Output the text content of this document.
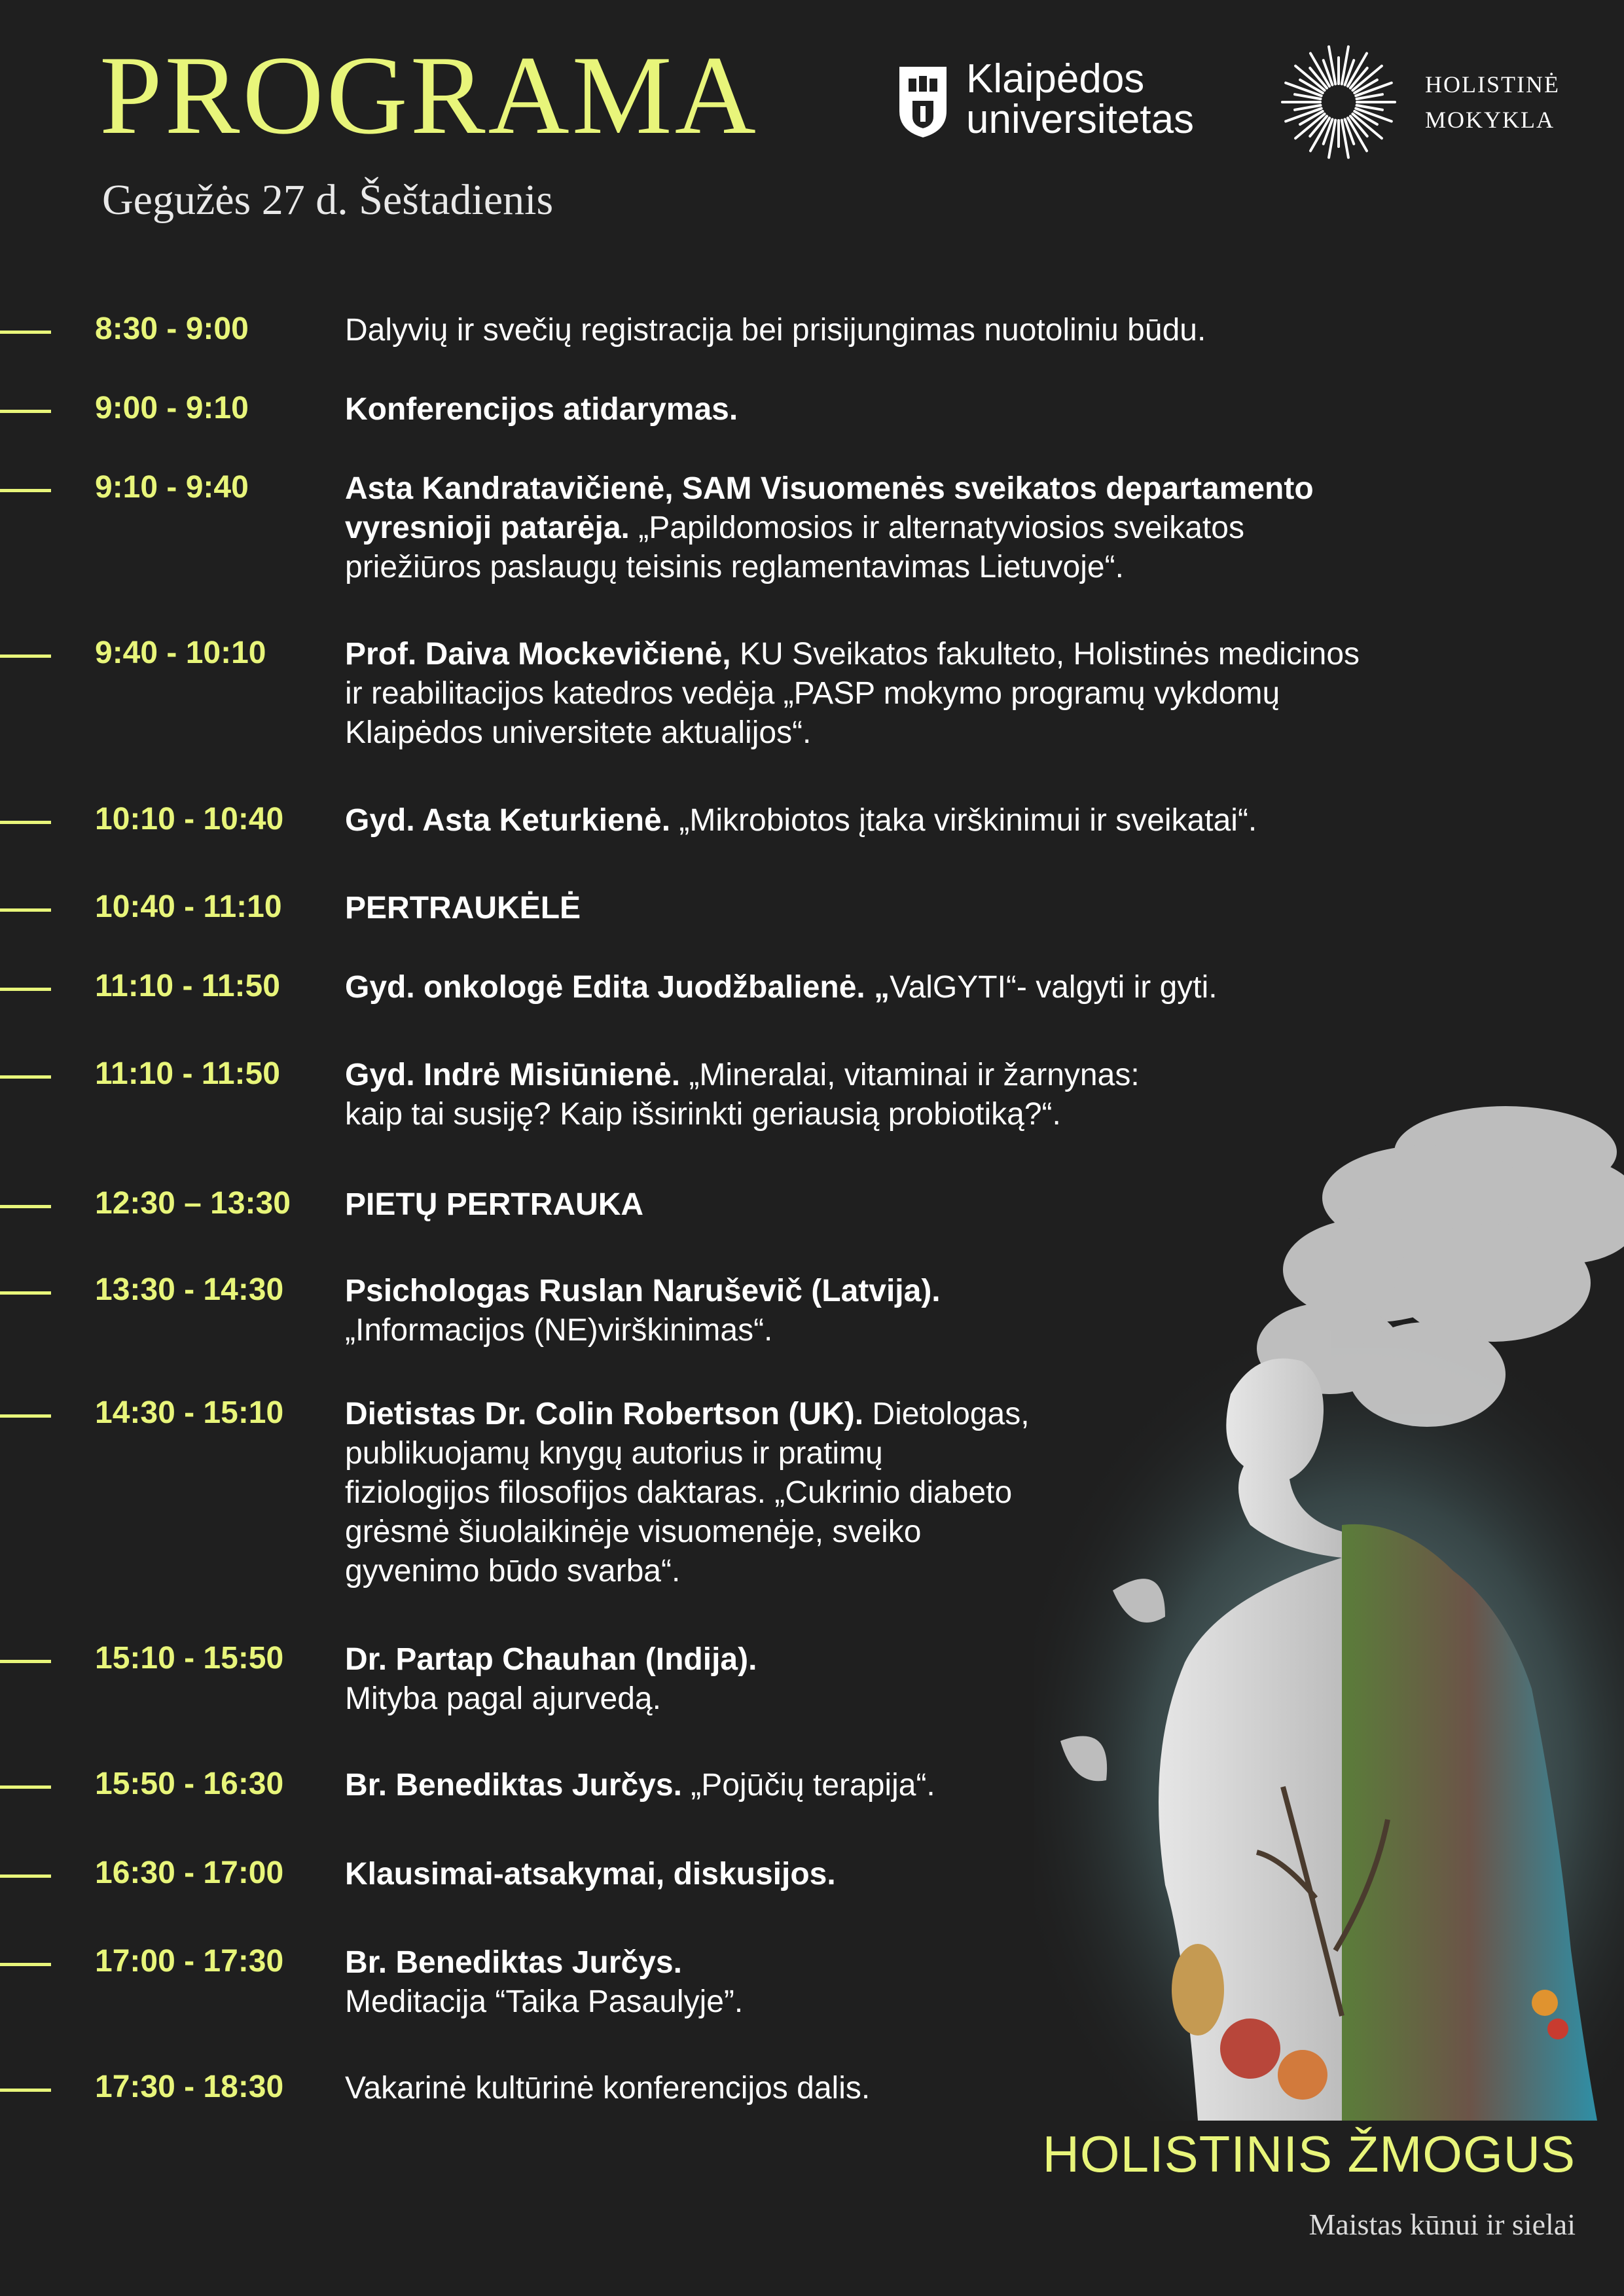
PROGRAMA
Gegužės 27 d. Šeštadienis
Klaipėdos
universitetas
HOLISTINĖ
MOKYKLA
8:30 - 9:00	Dalyvių ir svečių registracija bei prisijungimas nuotoliniu būdu.
9:00 - 9:10	Konferencijos atidarymas.
9:10 - 9:40	Asta Kandratavičienė, SAM Visuomenės sveikatos departamento
vyresnioji patarėja. „Papildomosios ir alternatyviosios sveikatos
priežiūros paslaugų teisinis reglamentavimas Lietuvoje“.
9:40 - 10:10	Prof. Daiva Mockevičienė, KU Sveikatos fakulteto, Holistinės medicinos
ir reabilitacijos katedros vedėja „PASP mokymo programų vykdomų
Klaipėdos universitete aktualijos“.
10:10 - 10:40 Gyd. Asta Keturkienė. „Mikrobiotos įtaka virškinimui ir sveikatai“.
10:40 - 11:10 PERTRAUKĖLĖ
11:10 - 11:50 Gyd. onkologė Edita Juodžbalienė. „ValGYTI“- valgyti ir gyti.
11:10 - 11:50 Gyd. Indrė Misiūnienė. „Mineralai, vitaminai ir žarnynas:
kaip tai susiję? Kaip išsirinkti geriausią probiotiką?“.
12:30 – 13:30 PIETŲ PERTRAUKA
13:30 - 14:30 Psichologas Ruslan Naruševič (Latvija).
„Informacijos (NE)virškinimas“.
14:30 - 15:10 Dietistas Dr. Colin Robertson (UK). Dietologas,
publikuojamų knygų autorius ir pratimų
fiziologijos filosofijos daktaras. „Cukrinio diabeto
grėsmė šiuolaikinėje visuomenėje, sveiko
gyvenimo būdo svarba“.
15:10 - 15:50 Dr. Partap Chauhan (Indija).
Mityba pagal ajurvedą.
15:50 - 16:30 Br. Benediktas Jurčys. „Pojūčių terapija“.
16:30 - 17:00 Klausimai-atsakymai, diskusijos.
17:00 - 17:30 Br. Benediktas Jurčys.
Meditacija “Taika Pasaulyje”.
17:30 - 18:30 Vakarinė kultūrinė konferencijos dalis.
HOLISTINIS ŽMOGUS
Maistas kūnui ir sielai
